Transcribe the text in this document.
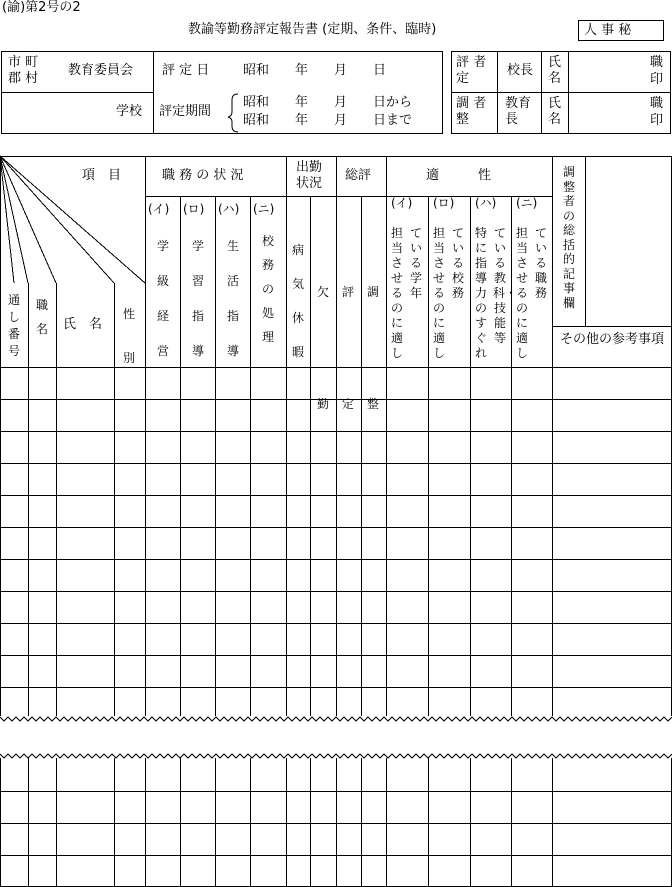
(諭)第2号の2
教諭等勤務評定報告書 (定期、条件、臨時)	人 事 秘
市 町
郡 村
教育委員会
学校
評 定 日	昭和　　年　　月　　日
評定期間
昭和　　年　　月　　日から
昭和　　年　　月　　日まで
評 者
定
校長
氏
名
職
印
調 者
整
教育
長
氏
名
職
印
項　目
通し番号
職名 氏　名
性別
職 務 の 状 況
(イ)
学級経営
(ロ)
学習指導
(ハ)
生活指導
(ニ)
校務の処理
出勤状況
病気休暇
欠勤
総評
評定
調整
適　　　性
(イ)
担当させるのに適し
ている学年
(ロ)
担当させるのに適し
ている校務
(ハ)
特に指導力のすぐれ
ている教科・技能等
(ニ)
担当させるのに適し
ている職務
調整者の総括的記事欄
その他の参考事項
